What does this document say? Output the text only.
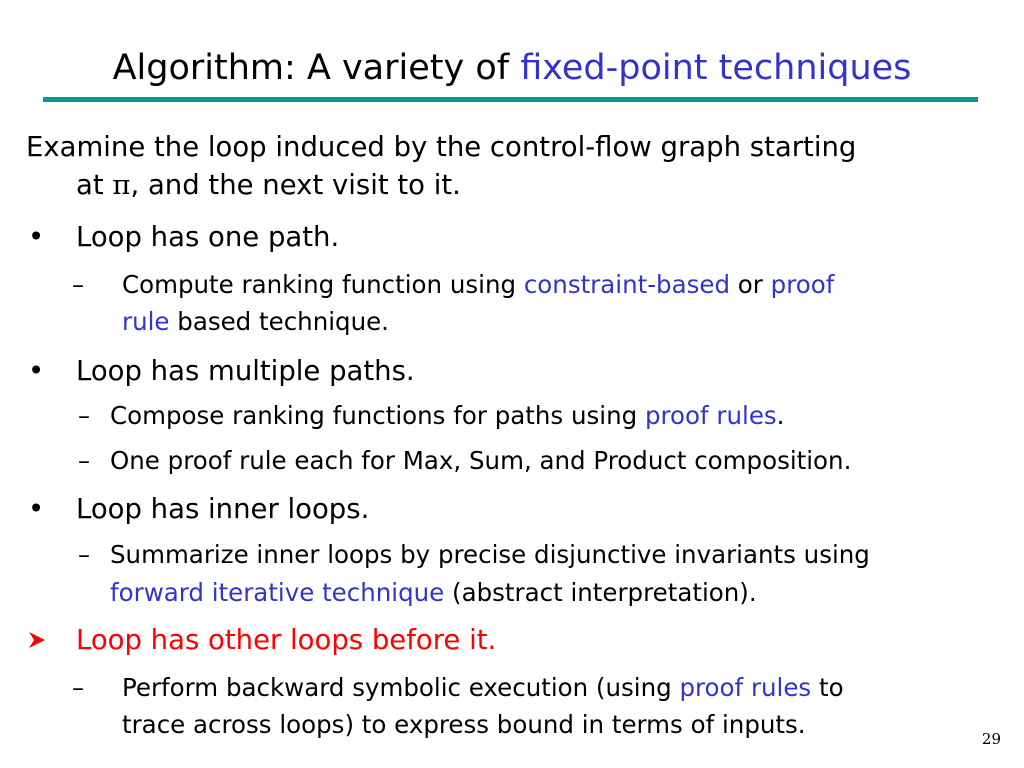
Algorithm: A variety of fixed-point techniques
Examine the loop induced by the control-flow graph starting
at π, and the next visit to it.
• Loop has one path.
– Compute ranking function using constraint-based or proof
rule based technique.
• Loop has multiple paths.
– Compose ranking functions for paths using proof rules.
– One proof rule each for Max, Sum, and Product composition.
• Loop has inner loops.
– Summarize inner loops by precise disjunctive invariants using
forward iterative technique (abstract interpretation).
Loop has other loops before it.
– Perform backward symbolic execution (using proof rules to
trace across loops) to express bound in terms of inputs.	29
